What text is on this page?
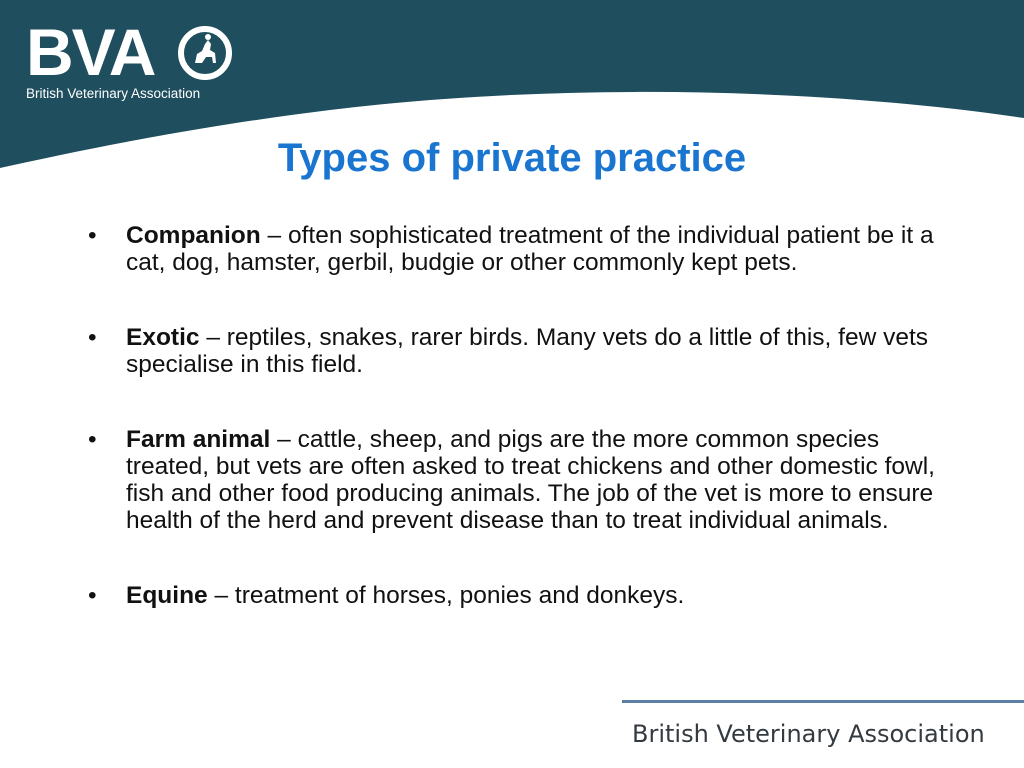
BVA
British Veterinary Association
Types of private practice
• Companion – often sophisticated treatment of the individual patient be it a cat, dog, hamster, gerbil, budgie or other commonly kept pets.
• Exotic – reptiles, snakes, rarer birds. Many vets do a little of this, few vets specialise in this field.
• Farm animal – cattle, sheep, and pigs are the more common species treated, but vets are often asked to treat chickens and other domestic fowl, fish and other food producing animals. The job of the vet is more to ensure health of the herd and prevent disease than to treat individual animals.
• Equine – treatment of horses, ponies and donkeys.
British Veterinary Association
